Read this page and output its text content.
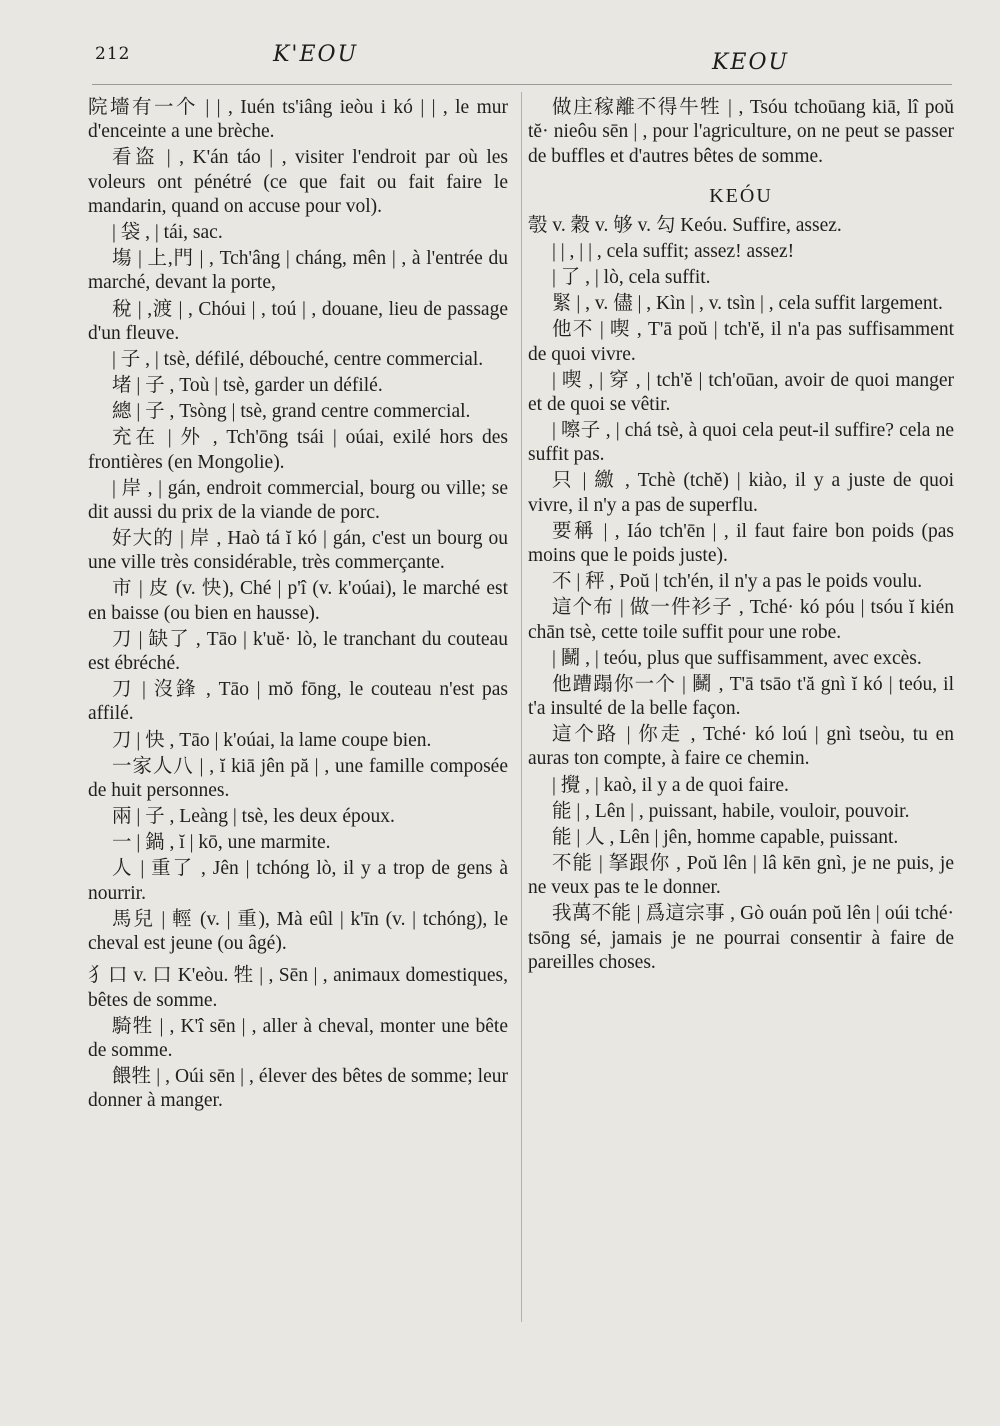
212	K'EOU	KEOU

院墻有一个 | | , Iuén ts'iâng ieòu i kó | | , le mur d'enceinte a une brèche.

看盗 | , K'án táo | , visiter l'endroit par où les voleurs ont pénétré (ce que fait ou fait faire le mandarin, quand on accuse pour vol).

| 袋 , | tái, sac.

塲 | 上,門 | , Tch'âng | cháng, mên | , à l'entrée du marché, devant la porte,

稅 | ,渡 | , Chóui | , toú | , douane, lieu de passage d'un fleuve.

| 子 , | tsè, défilé, débouché, centre commercial.

堵 | 子 , Toù | tsè, garder un défilé.

總 | 子 , Tsòng | tsè, grand centre commercial.

充在 | 外 , Tch'ōng tsái | oúai, exilé hors des frontières (en Mongolie).

| 岸 , | gán, endroit commercial, bourg ou ville; se dit aussi du prix de la viande de porc.

好大的 | 岸 , Haò tá ĭ kó | gán, c'est un bourg ou une ville très considérable, très commerçante.

市 | 皮 (v. 快), Ché | p'î (v. k'oúai), le marché est en baisse (ou bien en hausse).

刀 | 缺了 , Tāo | k'uĕ· lò, le tranchant du couteau est ébréché.

刀 | 沒鋒 , Tāo | mŏ fōng, le couteau n'est pas affilé.

刀 | 快 , Tāo | k'oúai, la lame coupe bien.

一家人八 | , ĭ kiā jên pă | , une famille composée de huit personnes.

兩 | 子 , Leàng | tsè, les deux époux.

一 | 鍋 , ĭ | kō, une marmite.

人 | 重了 , Jên | tchóng lò, il y a trop de gens à nourrir.

馬兒 | 輕 (v. | 重), Mà eûl | k'īn (v. | tchóng), le cheval est jeune (ou âgé).

犭口 v. 口 K'eòu. 牲 | , Sēn | , animaux domestiques, bêtes de somme.

騎牲 | , K'î sēn | , aller à cheval, monter une bête de somme.

餵牲 | , Oúi sēn | , élever des bêtes de somme; leur donner à manger.

做庄稼離不得牛牲 | , Tsóu tchoūang kiā, lî poŭ tĕ· nieôu sēn | , pour l'agriculture, on ne peut se passer de buffles et d'autres bêtes de somme.

KEÓU

彀 v. 穀 v. 够 v. 勾 Keóu. Suffire, assez.

| | , | | , cela suffit; assez! assez!

| 了 , | lò, cela suffit.

緊 | , v. 儘 | , Kìn | , v. tsìn | , cela suffit largement.

他不 | 喫 , T'ā poŭ | tch'ĕ, il n'a pas suffisamment de quoi vivre.

| 喫 , | 穿 , | tch'ĕ | tch'oūan, avoir de quoi manger et de quoi se vêtir.

| 嚓子 , | chá tsè, à quoi cela peut-il suffire? cela ne suffit pas.

只 | 繳 , Tchè (tchĕ) | kiào, il y a juste de quoi vivre, il n'y a pas de superflu.

要稱 | , Iáo tch'ēn | , il faut faire bon poids (pas moins que le poids juste).

不 | 秤 , Poŭ | tch'én, il n'y a pas le poids voulu.

這个布 | 做一件衫子 , Tché· kó póu | tsóu ĭ kién chān tsè, cette toile suffit pour une robe.

| 鬭 , | teóu, plus que suffisamment, avec excès.

他蹧蹋你一个 | 鬭 , T'ā tsāo t'ă gnì ĭ kó | teóu, il t'a insulté de la belle façon.

這个路 | 你走 , Tché· kó loú | gnì tseòu, tu en auras ton compte, à faire ce chemin.

| 攪 , | kaò, il y a de quoi faire.

能 | , Lên | , puissant, habile, vouloir, pouvoir.

能 | 人 , Lên | jên, homme capable, puissant.

不能 | 拏跟你 , Poŭ lên | lâ kēn gnì, je ne puis, je ne veux pas te le donner.

我萬不能 | 爲這宗事 , Gò ouán poŭ lên | oúi tché· tsōng sé, jamais je ne pourrai consentir à faire de pareilles choses.
